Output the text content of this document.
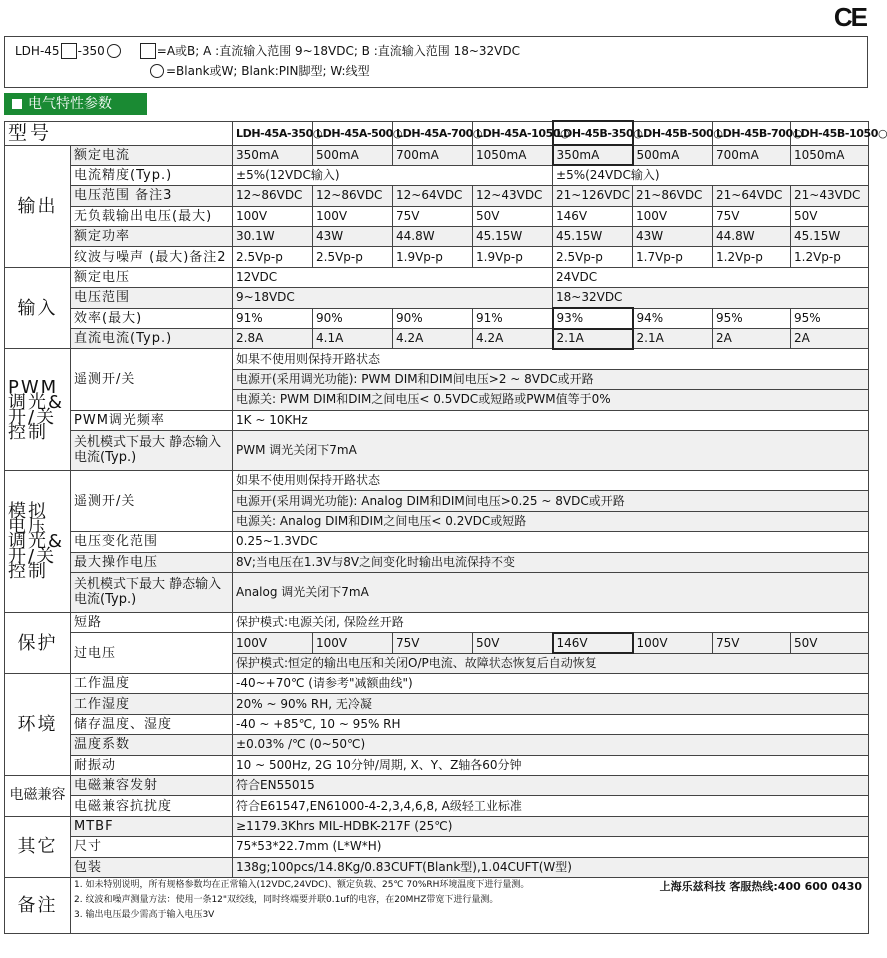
CE
LDH-45 -350	=A或B; A :直流输入范围 9~18VDC; B :直流输入范围 18~32VDC
=Blank或W; Blank:PIN脚型; W:线型
电气特性参数
型号		LDH-45A-350○	LDH-45A-500○	LDH-45A-700○	LDH-45A-1050○	LDH-45B-350○	LDH-45B-500○	LDH-45B-700○	LDH-45B-1050○
输出	额定电流	350mA	500mA	700mA	1050mA	350mA	500mA	700mA	1050mA
	电流精度(Typ.)	±5%(12VDC输入)				±5%(24VDC输入)			
	电压范围 备注3	12~86VDC	12~86VDC	12~64VDC	12~43VDC	21~126VDC	21~86VDC	21~64VDC	21~43VDC
	无负载输出电压(最大)	100V	100V	75V	50V	146V	100V	75V	50V
	额定功率	30.1W	43W	44.8W	45.15W	45.15W	43W	44.8W	45.15W
	纹波与噪声 (最大)备注2	2.5Vp-p	2.5Vp-p	1.9Vp-p	1.9Vp-p	2.5Vp-p	1.7Vp-p	1.2Vp-p	1.2Vp-p
输入	额定电压	12VDC				24VDC			
	电压范围	9~18VDC				18~32VDC			
	效率(最大)	91%	90%	90%	91%	93%	94%	95%	95%
	直流电流(Typ.)	2.8A	4.1A	4.2A	4.2A	2.1A	2.1A	2A	2A
PWM 调光& 开/关 控制	遥测开/关	如果不使用则保持开路状态							
		电源开(采用调光功能): PWM DIM和DIM间电压>2 ~ 8VDC或开路							
		电源关: PWM DIM和DIM之间电压< 0.5VDC或短路或PWM值等于0%							
	PWM调光频率	1K ~ 10KHz							
	关机模式下最大 静态输入电流(Typ.)	PWM 调光关闭下7mA							

模拟 电压 调光& 开/关 控制	遥测开/关	如果不使用则保持开路状态							
		电源开(采用调光功能): Analog DIM和DIM间电压>0.25 ~ 8VDC或开路							
		电源关: Analog DIM和DIM之间电压< 0.2VDC或短路							
	电压变化范围	0.25~1.3VDC							
	最大操作电压	8V;当电压在1.3V与8V之间变化时输出电流保持不变							
	关机模式下最大 静态输入电流(Typ.)	Analog 调光关闭下7mA							

保护	短路	保护模式:电源关闭, 保险丝开路							
	过电压	100V	100V	75V	50V	146V	100V	75V	50V
		保护模式:恒定的输出电压和关闭O/P电流、故障状态恢复后自动恢复							
环境	工作温度	-40~+70℃ (请参考"减额曲线")							
	工作湿度	20% ~ 90% RH, 无冷凝							
	储存温度、湿度	-40 ~ +85℃, 10 ~ 95% RH							
	温度系数	±0.03% /℃ (0~50℃)							
	耐振动	10 ~ 500Hz, 2G 10分钟/周期, X、Y、Z轴各60分钟							
电磁兼容	电磁兼容发射	符合EN55015							
	电磁兼容抗扰度	符合E61547,EN61000-4-2,3,4,6,8, A级轻工业标准							
其它	MTBF	≥1179.3Khrs MIL-HDBK-217F (25℃)							
	尺寸	75*53*22.7mm (L*W*H)							
	包装	138g;100pcs/14.8Kg/0.83CUFT(Blank型),1.04CUFT(W型)							
备注	1. 如未特别说明，所有规格参数均在正常输入(12VDC,24VDC)、额定负载、25℃ 70%RH环境温度下进行量测。
2. 纹波和噪声测量方法：使用一条12"双绞线，同时终端要并联0.1uf的电容，在20MHZ带宽下进行量测。
3. 输出电压最少需高于输入电压3V
上海乐兹科技 客服热线:400 600 0430								
